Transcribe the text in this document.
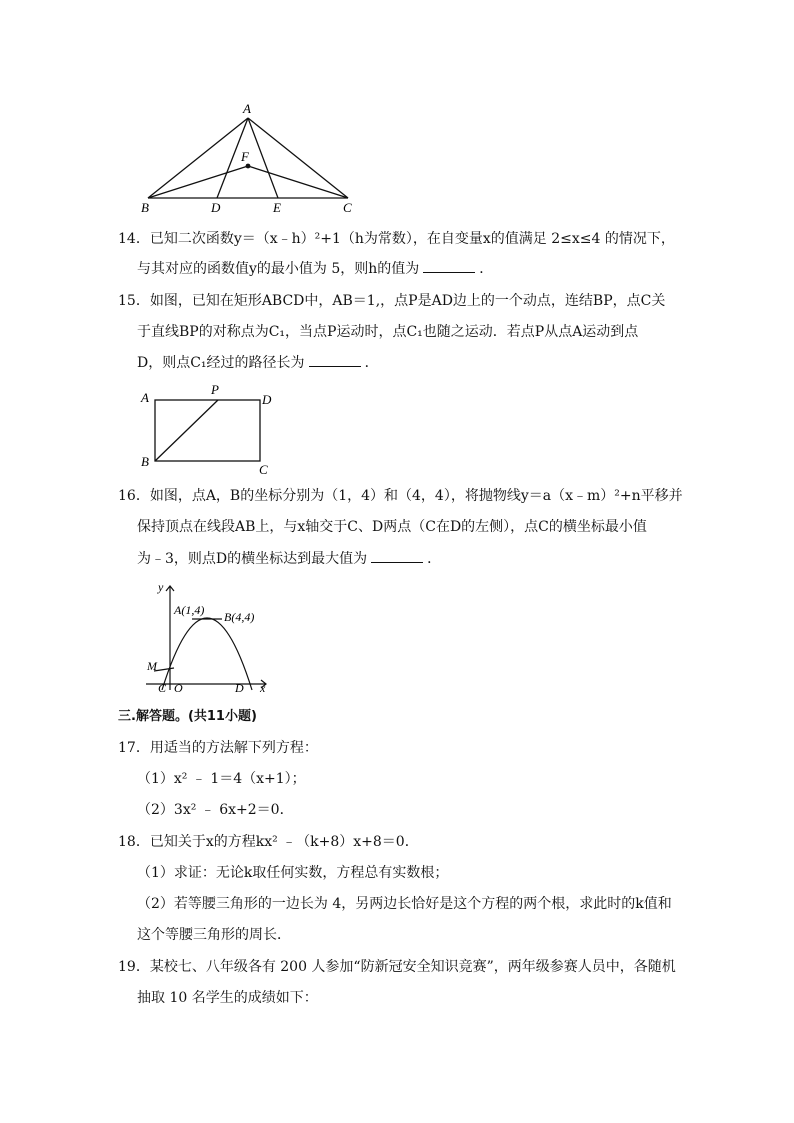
A
F
B	D	E	C
14．已知二次函数y＝（x﹣h）²+1（h为常数），在自变量x的值满足 2≤x≤4 的情况下，
与其对应的函数值y的最小值为 5，则h的值为	．
15．如图，已知在矩形ABCD中，AB＝1,，点P是AD边上的一个动点，连结BP，点C关
于直线BP的对称点为C₁，当点P运动时，点C₁也随之运动．若点P从点A运动到点
D，则点C₁经过的路径长为	．
A
P
D
B
C
16．如图，点A，B的坐标分别为（1，4）和（4，4），将抛物线y＝a（x﹣m）²+n平移并
保持顶点在线段AB上，与x轴交于C、D两点（C在D的左侧），点C的横坐标最小值
为﹣3，则点D的横坐标达到最大值为	．
y
A(1,4) B(4,4)
M
C O	D x
三.解答题。(共11小题)
17．用适当的方法解下列方程：
（1）x² ﹣ 1＝4（x+1）；
（2）3x² ﹣ 6x+2＝0．
18．已知关于x的方程kx² ﹣（k+8）x+8＝0．
（1）求证：无论k取任何实数，方程总有实数根；
（2）若等腰三角形的一边长为 4，另两边长恰好是这个方程的两个根，求此时的k值和
这个等腰三角形的周长．
19．某校七、八年级各有 200 人参加“防新冠安全知识竞赛”，两年级参赛人员中，各随机
抽取 10 名学生的成绩如下：
